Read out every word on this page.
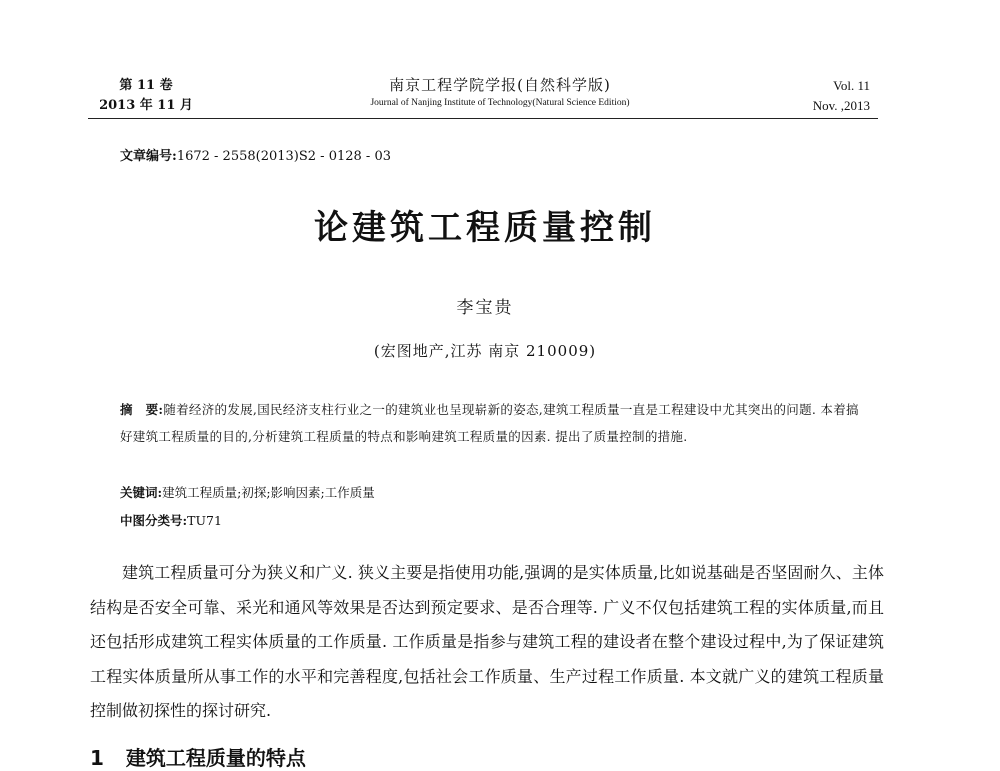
第 11 卷
2013 年 11 月
南京工程学院学报(自然科学版)
Journal of Nanjing Institute of Technology(Natural Science Edition)
Vol. 11
Nov. ,2013
文章编号:1672 - 2558(2013)S2 - 0128 - 03
论建筑工程质量控制
李宝贵
(宏图地产,江苏 南京 210009)
摘　要:随着经济的发展,国民经济支柱行业之一的建筑业也呈现崭新的姿态,建筑工程质量一直是工程建设中尤其突出的问题. 本着搞好建筑工程质量的目的,分析建筑工程质量的特点和影响建筑工程质量的因素. 提出了质量控制的措施.
关键词:建筑工程质量;初探;影响因素;工作质量
中图分类号:TU71
建筑工程质量可分为狭义和广义. 狭义主要是指使用功能,强调的是实体质量,比如说基础是否坚固耐久、主体结构是否安全可靠、采光和通风等效果是否达到预定要求、是否合理等. 广义不仅包括建筑工程的实体质量,而且还包括形成建筑工程实体质量的工作质量. 工作质量是指参与建筑工程的建设者在整个建设过程中,为了保证建筑工程实体质量所从事工作的水平和完善程度,包括社会工作质量、生产过程工作质量. 本文就广义的建筑工程质量控制做初探性的探讨研究.
1 建筑工程质量的特点
